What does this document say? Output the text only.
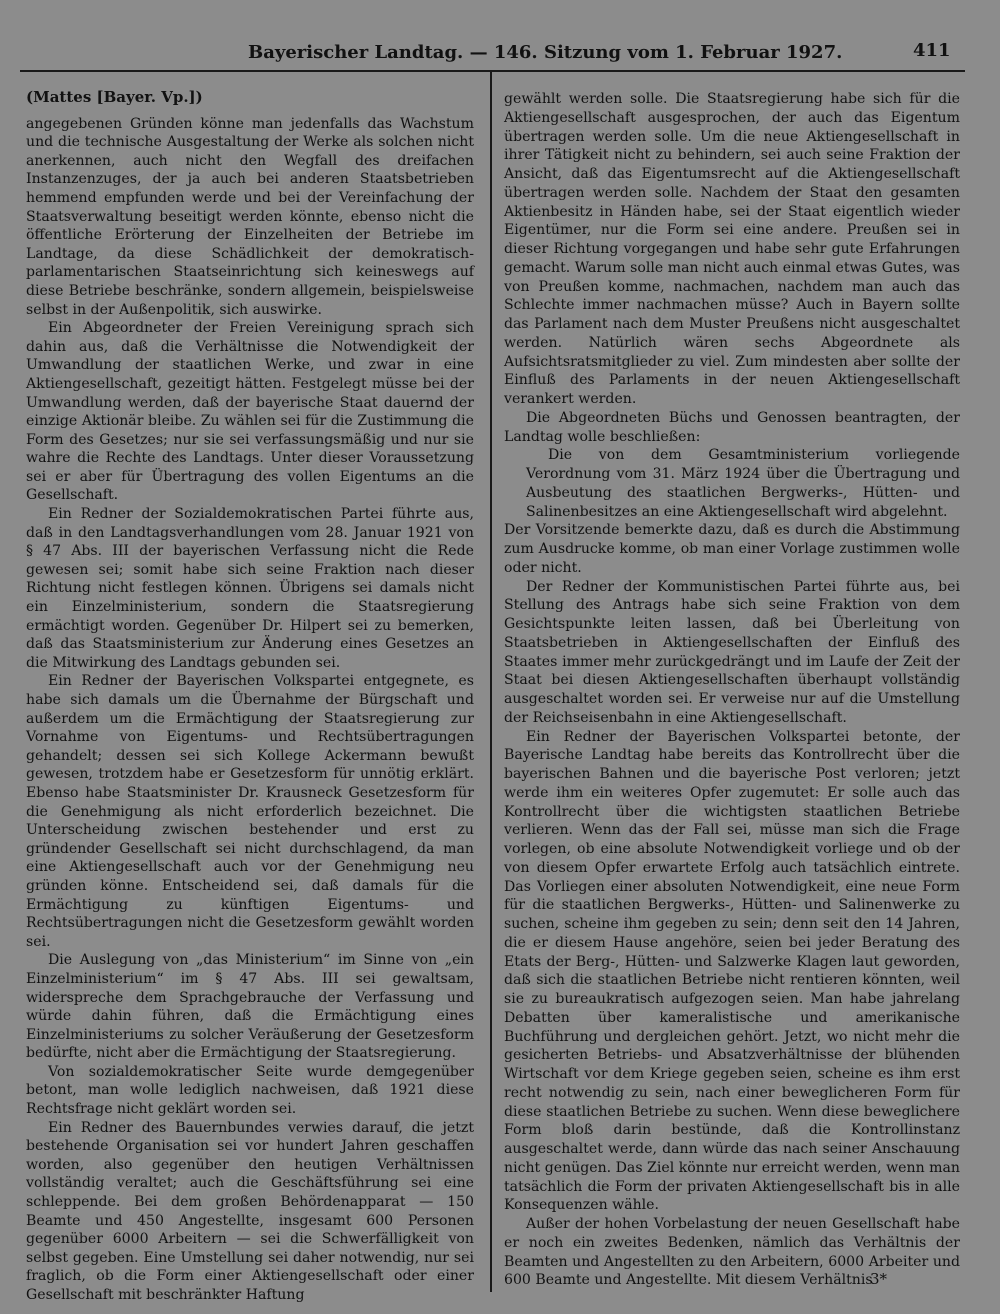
Bayerischer Landtag. — 146. Sitzung vom 1. Februar 1927.	411

(Mattes [Bayer. Vp.])

angegebenen Gründen könne man jedenfalls das Wachstum und die technische Ausgestaltung der Werke als solchen nicht anerkennen, auch nicht den Wegfall des dreifachen Instanzenzuges, der ja auch bei anderen Staatsbetrieben hemmend empfunden werde und bei der Vereinfachung der Staatsverwaltung beseitigt werden könnte, ebenso nicht die öffentliche Erörterung der Einzelheiten der Betriebe im Landtage, da diese Schädlichkeit der demokratisch-parlamentarischen Staatseinrichtung sich keineswegs auf diese Betriebe beschränke, sondern allgemein, beispielsweise selbst in der Außenpolitik, sich auswirke.

Ein Abgeordneter der Freien Vereinigung sprach sich dahin aus, daß die Verhältnisse die Notwendigkeit der Umwandlung der staatlichen Werke, und zwar in eine Aktiengesellschaft, gezeitigt hätten. Festgelegt müsse bei der Umwandlung werden, daß der bayerische Staat dauernd der einzige Aktionär bleibe. Zu wählen sei für die Zustimmung die Form des Gesetzes; nur sie sei verfassungsmäßig und nur sie wahre die Rechte des Landtags. Unter dieser Voraussetzung sei er aber für Übertragung des vollen Eigentums an die Gesellschaft.

Ein Redner der Sozialdemokratischen Partei führte aus, daß in den Landtagsverhandlungen vom 28. Januar 1921 von § 47 Abs. III der bayerischen Verfassung nicht die Rede gewesen sei; somit habe sich seine Fraktion nach dieser Richtung nicht festlegen können. Übrigens sei damals nicht ein Einzelministerium, sondern die Staatsregierung ermächtigt worden. Gegenüber Dr. Hilpert sei zu bemerken, daß das Staatsministerium zur Änderung eines Gesetzes an die Mitwirkung des Landtags gebunden sei.

Ein Redner der Bayerischen Volkspartei entgegnete, es habe sich damals um die Übernahme der Bürgschaft und außerdem um die Ermächtigung der Staatsregierung zur Vornahme von Eigentums- und Rechtsübertragungen gehandelt; dessen sei sich Kollege Ackermann bewußt gewesen, trotzdem habe er Gesetzesform für unnötig erklärt. Ebenso habe Staatsminister Dr. Krausneck Gesetzesform für die Genehmigung als nicht erforderlich bezeichnet. Die Unterscheidung zwischen bestehender und erst zu gründender Gesellschaft sei nicht durchschlagend, da man eine Aktiengesellschaft auch vor der Genehmigung neu gründen könne. Entscheidend sei, daß damals für die Ermächtigung zu künftigen Eigentums- und Rechtsübertragungen nicht die Gesetzesform gewählt worden sei.

Die Auslegung von „das Ministerium“ im Sinne von „ein Einzelministerium“ im § 47 Abs. III sei gewaltsam, widerspreche dem Sprachgebrauche der Verfassung und würde dahin führen, daß die Ermächtigung eines Einzelministeriums zu solcher Veräußerung der Gesetzesform bedürfte, nicht aber die Ermächtigung der Staatsregierung.

Von sozialdemokratischer Seite wurde demgegenüber betont, man wolle lediglich nachweisen, daß 1921 diese Rechtsfrage nicht geklärt worden sei.

Ein Redner des Bauernbundes verwies darauf, die jetzt bestehende Organisation sei vor hundert Jahren geschaffen worden, also gegenüber den heutigen Verhältnissen vollständig veraltet; auch die Geschäftsführung sei eine schleppende. Bei dem großen Behördenapparat — 150 Beamte und 450 Angestellte, insgesamt 600 Personen gegenüber 6000 Arbeitern — sei die Schwerfälligkeit von selbst gegeben. Eine Umstellung sei daher notwendig, nur sei fraglich, ob die Form einer Aktiengesellschaft oder einer Gesellschaft mit beschränkter Haftung

gewählt werden solle. Die Staatsregierung habe sich für die Aktiengesellschaft ausgesprochen, der auch das Eigentum übertragen werden solle. Um die neue Aktiengesellschaft in ihrer Tätigkeit nicht zu behindern, sei auch seine Fraktion der Ansicht, daß das Eigentumsrecht auf die Aktiengesellschaft übertragen werden solle. Nachdem der Staat den gesamten Aktienbesitz in Händen habe, sei der Staat eigentlich wieder Eigentümer, nur die Form sei eine andere. Preußen sei in dieser Richtung vorgegangen und habe sehr gute Erfahrungen gemacht. Warum solle man nicht auch einmal etwas Gutes, was von Preußen komme, nachmachen, nachdem man auch das Schlechte immer nachmachen müsse? Auch in Bayern sollte das Parlament nach dem Muster Preußens nicht ausgeschaltet werden. Natürlich wären sechs Abgeordnete als Aufsichtsratsmitglieder zu viel. Zum mindesten aber sollte der Einfluß des Parlaments in der neuen Aktiengesellschaft verankert werden.

Die Abgeordneten Büchs und Genossen beantragten, der Landtag wolle beschließen:

Die von dem Gesamtministerium vorliegende Verordnung vom 31. März 1924 über die Übertragung und Ausbeutung des staatlichen Bergwerks-, Hütten- und Salinenbesitzes an eine Aktiengesellschaft wird abgelehnt.

Der Vorsitzende bemerkte dazu, daß es durch die Abstimmung zum Ausdrucke komme, ob man einer Vorlage zustimmen wolle oder nicht.

Der Redner der Kommunistischen Partei führte aus, bei Stellung des Antrags habe sich seine Fraktion von dem Gesichtspunkte leiten lassen, daß bei Überleitung von Staatsbetrieben in Aktiengesellschaften der Einfluß des Staates immer mehr zurückgedrängt und im Laufe der Zeit der Staat bei diesen Aktiengesellschaften überhaupt vollständig ausgeschaltet worden sei. Er verweise nur auf die Umstellung der Reichseisenbahn in eine Aktiengesellschaft.

Ein Redner der Bayerischen Volkspartei betonte, der Bayerische Landtag habe bereits das Kontrollrecht über die bayerischen Bahnen und die bayerische Post verloren; jetzt werde ihm ein weiteres Opfer zugemutet: Er solle auch das Kontrollrecht über die wichtigsten staatlichen Betriebe verlieren. Wenn das der Fall sei, müsse man sich die Frage vorlegen, ob eine absolute Notwendigkeit vorliege und ob der von diesem Opfer erwartete Erfolg auch tatsächlich eintrete. Das Vorliegen einer absoluten Notwendigkeit, eine neue Form für die staatlichen Bergwerks-, Hütten- und Salinenwerke zu suchen, scheine ihm gegeben zu sein; denn seit den 14 Jahren, die er diesem Hause angehöre, seien bei jeder Beratung des Etats der Berg-, Hütten- und Salzwerke Klagen laut geworden, daß sich die staatlichen Betriebe nicht rentieren könnten, weil sie zu bureaukratisch aufgezogen seien. Man habe jahrelang Debatten über kameralistische und amerikanische Buchführung und dergleichen gehört. Jetzt, wo nicht mehr die gesicherten Betriebs- und Absatzverhältnisse der blühenden Wirtschaft vor dem Kriege gegeben seien, scheine es ihm erst recht notwendig zu sein, nach einer beweglicheren Form für diese staatlichen Betriebe zu suchen. Wenn diese beweglichere Form bloß darin bestünde, daß die Kontrollinstanz ausgeschaltet werde, dann würde das nach seiner Anschauung nicht genügen. Das Ziel könnte nur erreicht werden, wenn man tatsächlich die Form der privaten Aktiengesellschaft bis in alle Konsequenzen wähle.

Außer der hohen Vorbelastung der neuen Gesellschaft habe er noch ein zweites Bedenken, nämlich das Verhältnis der Beamten und Angestellten zu den Arbeitern, 6000 Arbeiter und 600 Beamte und Angestellte. Mit diesem Verhältnis

3*
